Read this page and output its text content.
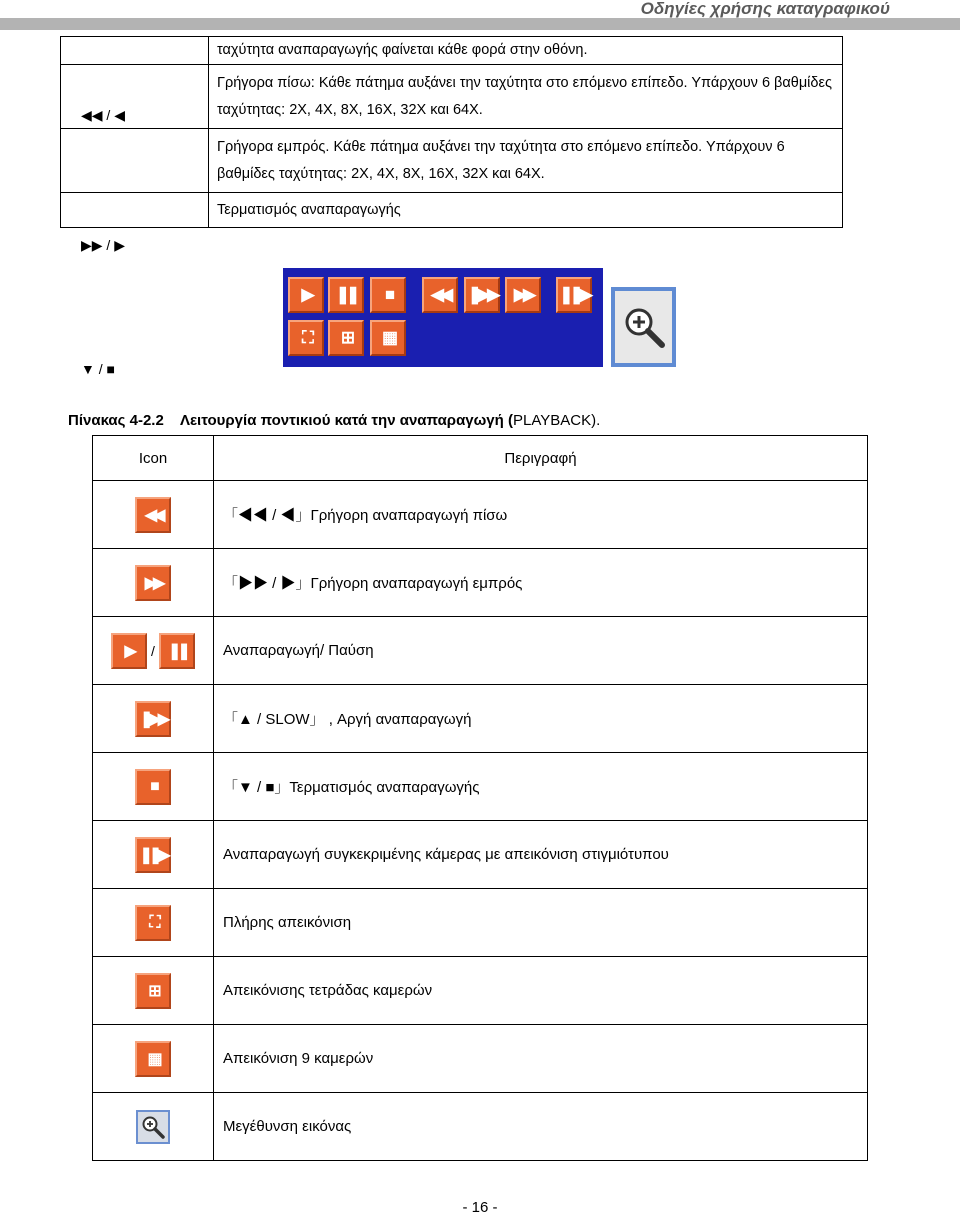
Οδηγίες χρήσης καταγραφικού
	ταχύτητα αναπαραγωγής φαίνεται κάθε φορά στην οθόνη.

◀◀ / ◀	Γρήγορα πίσω: Κάθε πάτημα αυξάνει την ταχύτητα στο επόμενο επίπεδο. Υπάρχουν 6 βαθμίδες ταχύτητας: 2X, 4X, 8X, 16X, 32X και 64X.

▶▶ / ▶	Γρήγορα εμπρός. Κάθε πάτημα αυξάνει την ταχύτητα στο επόμενο επίπεδο. Υπάρχουν 6 βαθμίδες ταχύτητας: 2X, 4X, 8X, 16X, 32X και 64X.

▼ / ■	Τερματισμός αναπαραγωγής
▶	❚❚	■	◀◀	❚▶▶	▶▶	❚❚▶
⛶	⊞	▦
Πίνακας 4-2.2 Λειτουργία ποντικιού κατά την αναπαραγωγή (PLAYBACK).
Icon	Περιγραφή
◀◀	「◀◀ / ◀」Γρήγορη αναπαραγωγή πίσω
▶▶	「▶▶ / ▶」Γρήγορη αναπαραγωγή εμπρός
▶ / ❚❚	Αναπαραγωγή/ Παύση
❚▶▶	「▲ / SLOW」 , Αργή αναπαραγωγή
■	「▼ / ■」Τερματισμός αναπαραγωγής
❚❚▶	Αναπαραγωγή συγκεκριμένης κάμερας με απεικόνιση στιγμιότυπου
⛶	Πλήρης απεικόνιση
⊞	Απεικόνισης τετράδας καμερών
▦	Απεικόνιση 9 καμερών

	Μεγέθυνση εικόνας
- 16 -
